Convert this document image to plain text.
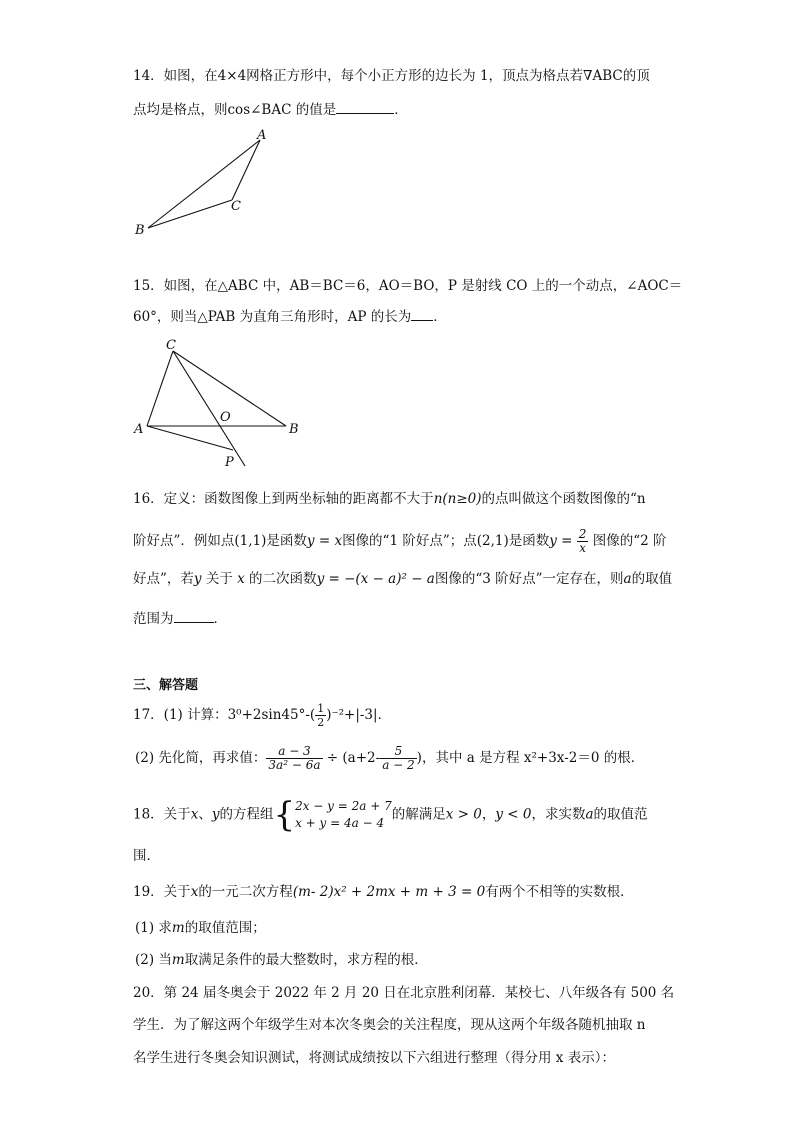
14．如图，在4×4网格正方形中，每个小正方形的边长为 1，顶点为格点若∇ABC的顶
点均是格点，则cos∠BAC 的值是	．
A
B
C
15．如图，在△ABC 中，AB＝BC＝6，AO＝BO，P 是射线 CO 上的一个动点，∠AOC＝
60°，则当△PAB 为直角三角形时，AP 的长为 ．
C
A	B
O
P
16．定义：函数图像上到两坐标轴的距离都不大于n(n≥0)的点叫做这个函数图像的“n
阶好点”．例如点(1,1)是函数y = x图像的“1 阶好点”；点(2,1)是函数$y = \frac{2}{x}$ 图像的“2 阶
好点”，若y 关于 x 的二次函数y = −(x − a)² − a图像的“3 阶好点”一定存在，则a的取值
范围为	．
三、解答题
17．(1) 计算：$3^0+2\sin 45^\circ-( \frac{1}{2} )^{-2}+|-3|$．
(2) 先化简，再求值： $\frac{a - 3}{\text{3a² − 6a}} \div (a+2- \frac{5}{a - 2}$ )，其中 a 是方程 x²+3x-2＝0 的根．
18．关于x、y的方程组{ 2x − y = 2a + 7
x + y = 4a − 4
的解满足x > 0，y < 0，求实数a的取值范
围．
19．关于x的一元二次方程(m- 2)x² + 2mx + m + 3 = 0有两个不相等的实数根．
(1) 求m的取值范围；
(2) 当m取满足条件的最大整数时，求方程的根．
20．第 24 届冬奥会于 2022 年 2 月 20 日在北京胜利闭幕．某校七、八年级各有 500 名
学生．为了解这两个年级学生对本次冬奥会的关注程度，现从这两个年级各随机抽取 n
名学生进行冬奥会知识测试，将测试成绩按以下六组进行整理（得分用 x 表示）：
